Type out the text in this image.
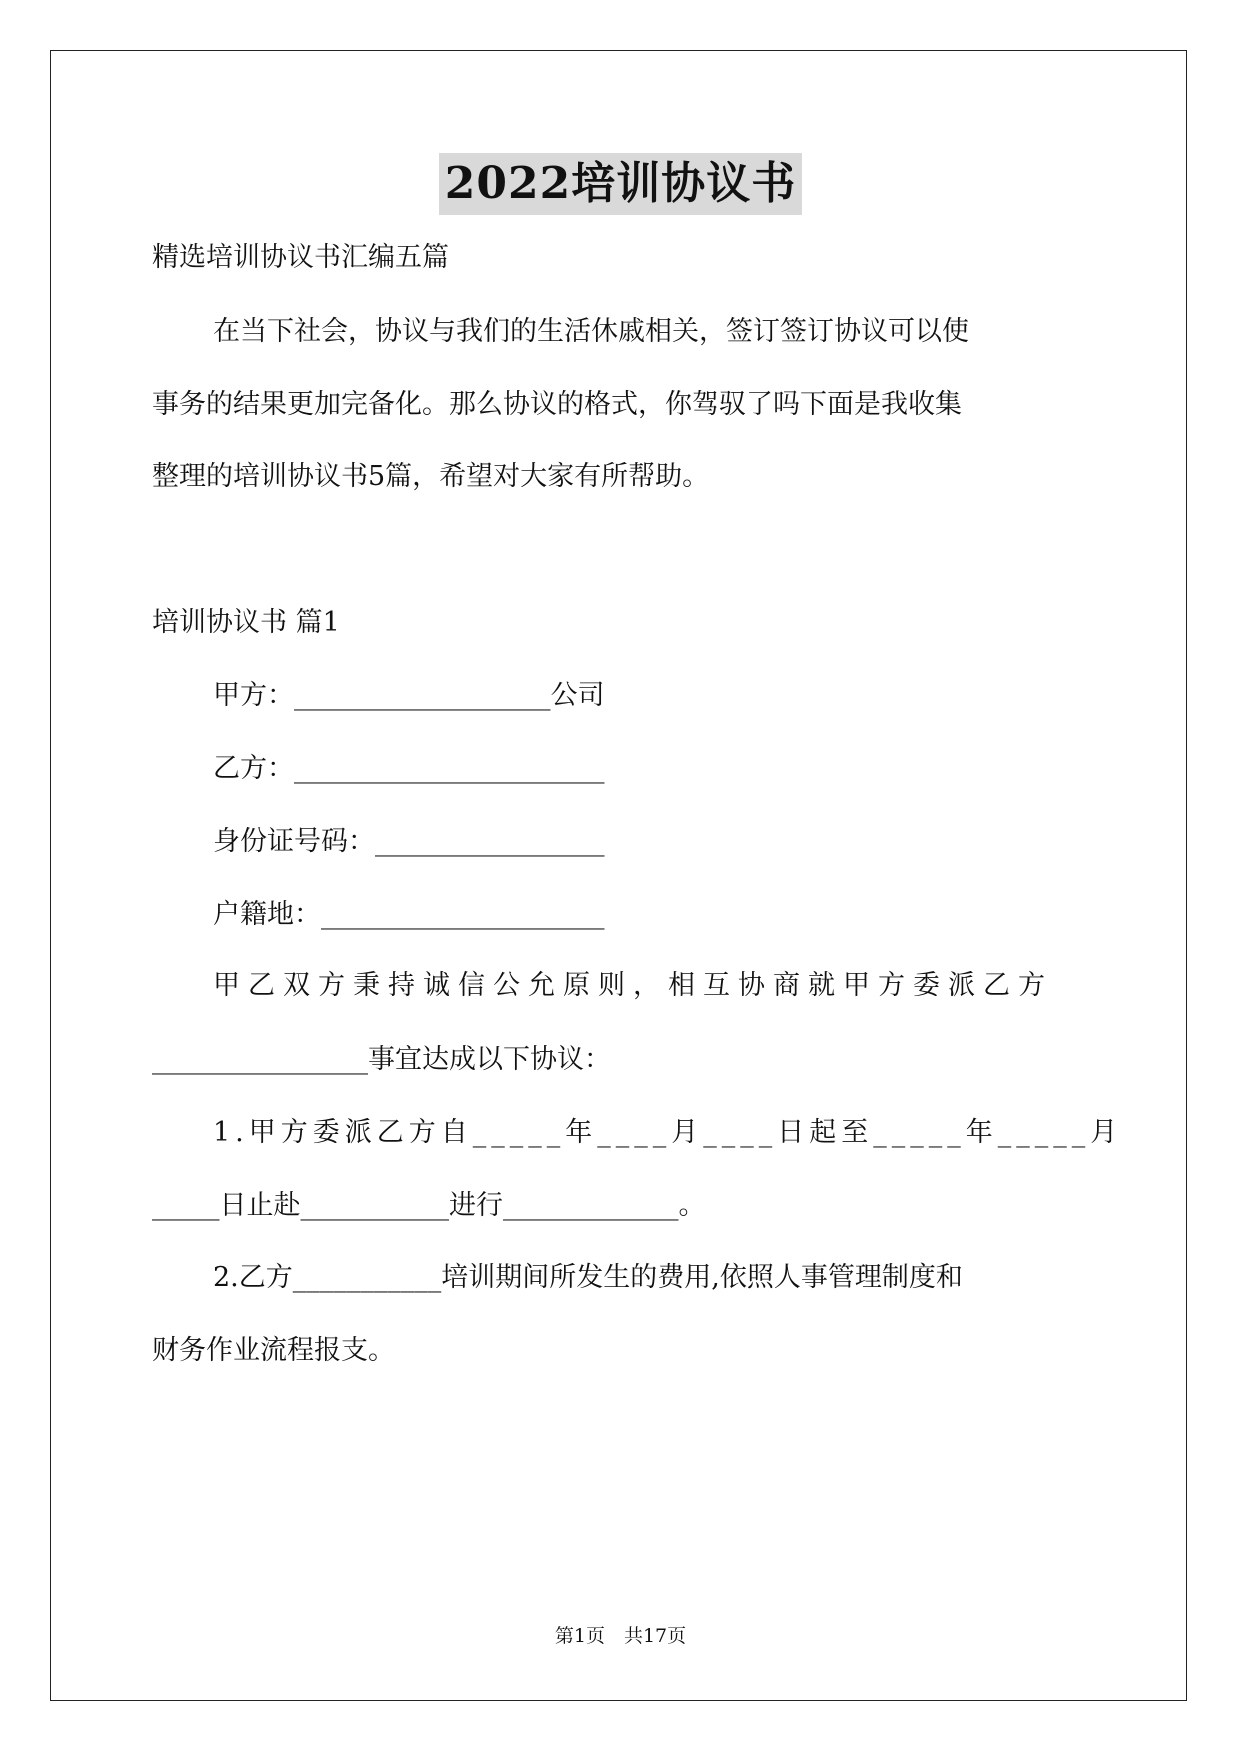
2022培训协议书
精选培训协议书汇编五篇
在当下社会，协议与我们的生活休戚相关，签订签订协议可以使
事务的结果更加完备化。那么协议的格式，你驾驭了吗下面是我收集
整理的培训协议书5篇，希望对大家有所帮助。
培训协议书 篇1
甲方：___________________公司
乙方：_______________________
身份证号码：_________________
户籍地：_____________________
甲乙双方秉持诚信公允原则，相互协商就甲方委派乙方
________________事宜达成以下协议：
1.甲方委派乙方自_____年____月____日起至_____年_____月
_____日止赴___________进行_____________。
2.乙方___________培训期间所发生的费用,依照人事管理制度和
财务作业流程报支。
第1页　共17页
